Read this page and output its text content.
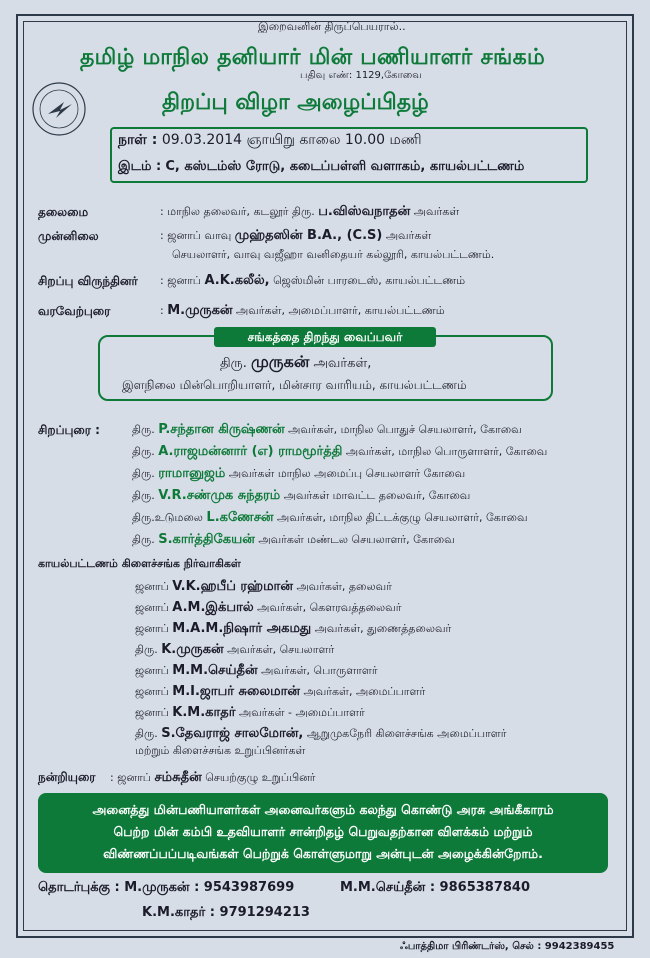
இறைவனின் திருப்பெயரால்..
தமிழ் மாநில தனியார் மின் பணியாளர் சங்கம்
பதிவு எண்: 1129,கோவை
திறப்பு விழா அழைப்பிதழ்
நாள் : 09.03.2014 ஞாயிறு காலை 10.00 மணி
இடம் : C, கஸ்டம்ஸ் ரோடு, கடைப்பள்ளி வளாகம், காயல்பட்டணம்
தலைமை	: மாநில தலைவர், கடலூர் திரு. ப.விஸ்வநாதன் அவர்கள்
முன்னிலை	: ஜனாப் வாவு முஹ்தஸின் B.A., (C.S) அவர்கள்
செயலாளர், வாவு வஜீஹா வனிதையர் கல்லூரி, காயல்பட்டணம்.
சிறப்பு விருந்தினர் : ஜனாப் A.K.கலீல், ஜெஸ்மின் பாரடைஸ், காயல்பட்டணம்
வரவேற்புரை	: M.முருகன் அவர்கள், அமைப்பாளர், காயல்பட்டணம்
சங்கத்தை திறந்து வைப்பவர்
திரு. முருகன் அவர்கள்,
இளநிலை மின்பொறியாளர், மின்சார வாரியம், காயல்பட்டணம்
சிறப்புரை :	திரு. P.சந்தான கிருஷ்ணன் அவர்கள், மாநில பொதுச் செயலாளர், கோவை
திரு. A.ராஜமன்னார் (எ) ராமமூர்த்தி அவர்கள், மாநில பொருளாளர், கோவை
திரு. ராமானுஜம் அவர்கள் மாநில அமைப்பு செயலாளர் கோவை
திரு. V.R.சண்முக சுந்தரம் அவர்கள் மாவட்ட தலைவர், கோவை
திரு.உடுமலை L.கணேசன் அவர்கள், மாநில திட்டக்குழு செயலாளர், கோவை
திரு. S.கார்த்திகேயன் அவர்கள் மண்டல செயலாளர், கோவை
காயல்பட்டணம் கிளைச்சங்க நிர்வாகிகள்
ஜனாப் V.K.ஹபீப் ரஹ்மான் அவர்கள், தலைவர்
ஜனாப் A.M.இக்பால் அவர்கள், கௌரவத்தலைவர்
ஜனாப் M.A.M.நிஷார் அகமது அவர்கள், துணைத்தலைவர்
திரு. K.முருகன் அவர்கள், செயலாளர்
ஜனாப் M.M.செய்தீன் அவர்கள், பொருளாளர்
ஜனாப் M.I.ஜாபர் சுலைமான் அவர்கள், அமைப்பாளர்
ஜனாப் K.M.காதர் அவர்கள் - அமைப்பாளர்
திரு. S.தேவராஜ் சாலமோன், ஆறுமுகநேரி கிளைச்சங்க அமைப்பாளர்
மற்றும் கிளைச்சங்க உறுப்பினர்கள்
நன்றியுரை : ஜனாப் சம்சுதீன் செயற்குழு உறுப்பினர்
அனைத்து மின்பணியாளர்கள் அனைவர்களும் கலந்து கொண்டு அரசு அங்கீகாரம்
பெற்ற மின் கம்பி உதவியாளர் சான்றிதழ் பெறுவதற்கான விளக்கம் மற்றும்
விண்ணப்பப்படிவங்கள் பெற்றுக் கொள்ளுமாறு அன்புடன் அழைக்கின்றோம்.
தொடர்புக்கு : M.முருகன் : 9543987699	M.M.செய்தீன் : 9865387840
K.M.காதர் : 9791294213
ஃபாத்திமா பிரிண்டர்ஸ், செல் : 9942389455
